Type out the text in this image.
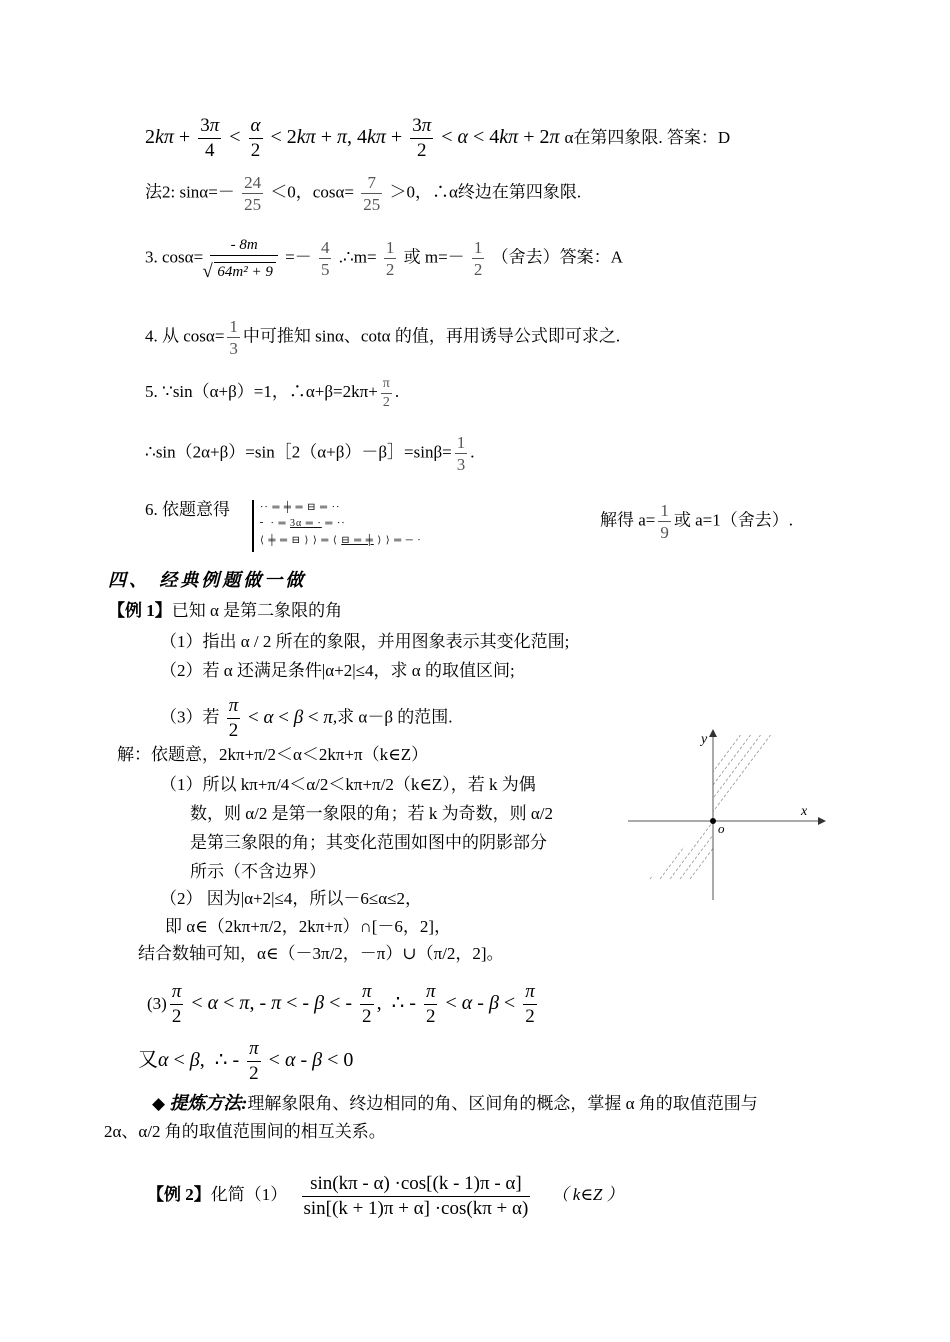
$2k\pi + \frac{3\pi}{4} < \frac{\alpha}{2} < 2k\pi + \pi$, $4k\pi + \frac{3\pi}{2} < \alpha < 4k\pi + 2\pi$ α在第四象限. 答案：D
法2: $\sin\alpha=- \frac{24}{25} <0$，$\cos\alpha= \frac{7}{25} >0$，∴α终边在第四象限.
3. cosα= - 8m
√ $64m^2 + 9 =- \frac{4}{5}$ .∴m= $\frac{1}{2}$ 或 $m=- \frac{1}{2}$ （舍去）答案：A
4. 从 $\cos\alpha= \frac{1}{3}$ 中可推知 sinα、cotα 的值，再用诱导公式即可求之.
5. ∵sin（α+β）=1，∴α+β=2kπ+ $\frac{\pi}{2}$ .
∴sin（2α+β）=sin［2（α+β）－β］=sinβ= $\frac{1}{3}$ .
6. 依题意得	⋅⋅ ═ ╪ ═ ⊟ ═ ⋅⋅
╴ ⋅ ═ 3α ═ ⋅ ═ ⋅⋅
⟨ ╪ ═ ⊟ ⟩ ⟩ ═ ⟨ ⊟ ═ ╪ ⟩ ⟩ ═ ─ ⋅
解得 $a= \frac{1}{9}$ 或 a=1（舍去）.
四、 经典例题做一做
【例 1】已知 α 是第二象限的角
（1）指出 α / 2 所在的象限，并用图象表示其变化范围;
（2）若 α 还满足条件|α+2|≤4，求 α 的取值区间;
（3）若 $\frac{\pi}{2} < \alpha < \beta < \pi$,求 α－β 的范围.
x
y
o
解：依题意，2kπ+π/2＜α＜2kπ+π（k∈Z）
（1）所以 kπ+π/4＜α/2＜kπ+π/2（k∈Z），若 k 为偶
数，则 α/2 是第一象限的角；若 k 为奇数，则 α/2
是第三象限的角；其变化范围如图中的阴影部分
所示（不含边界）
（2） 因为|α+2|≤4，所以－6≤α≤2，
即 α∈（2kπ+π/2，2kπ+π）∩[－6，2]，
结合数轴可知，α∈（－3π/2，－π）∪（π/2，2]。
$(3) \frac{\pi}{2} < \alpha < \pi$, - π < - β < - $\frac{\pi}{2}$ ,  ∴ - $\frac{\pi}{2} < \alpha - \beta < \frac{\pi}{2}$
又α < β,  ∴ - $\frac{\pi}{2} < \alpha - \beta < 0$
◆ 提炼方法:理解象限角、终边相同的角、区间角的概念，掌握 α 角的取值范围与
2α、α/2 角的取值范围间的相互关系。
【例 2】化简$(1) \frac{\sin(k\pi - \alpha) \cdot\cos[(k - 1)\pi - \alpha]}{\sin[(k + 1)\pi + \alpha] \cdot\cos(k\pi + \alpha)}$ （ k∈Z ）
